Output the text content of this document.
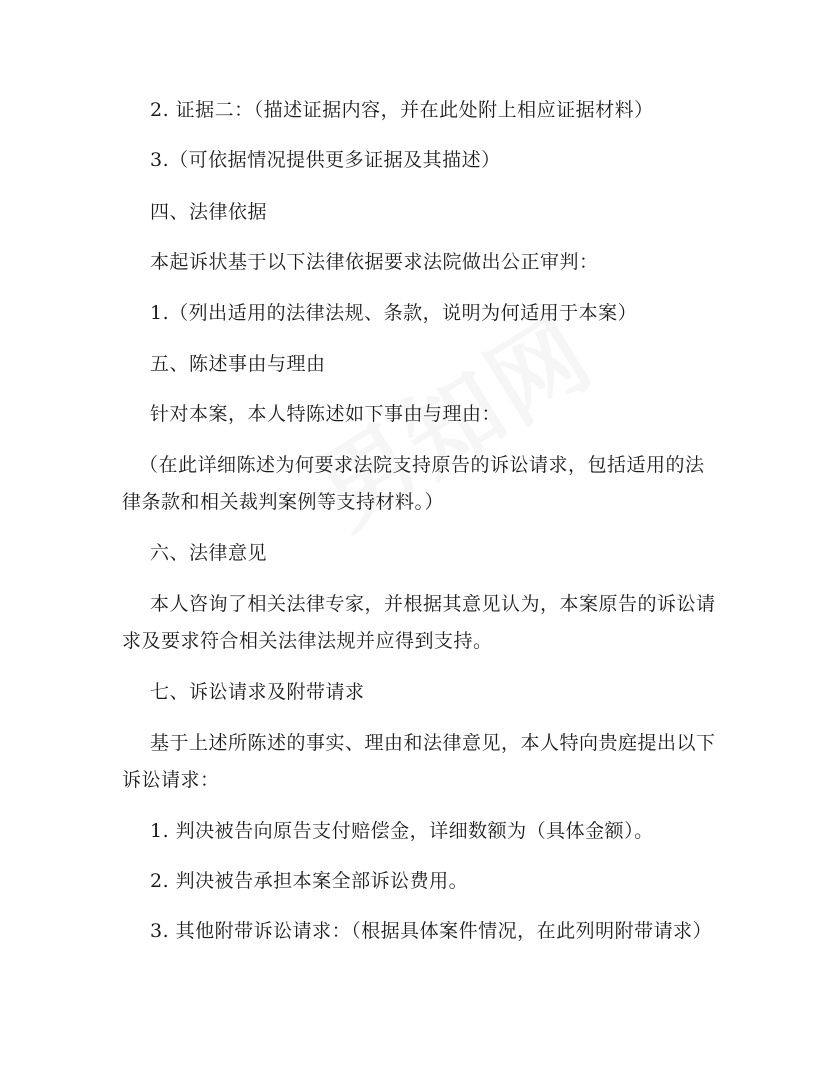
2. 证据二：（描述证据内容，并在此处附上相应证据材料）
3.（可依据情况提供更多证据及其描述）
四、法律依据
本起诉状基于以下法律依据要求法院做出公正审判：
1.（列出适用的法律法规、条款，说明为何适用于本案）
五、陈述事由与理由
针对本案，本人特陈述如下事由与理由：
（在此详细陈述为何要求法院支持原告的诉讼请求，包括适用的法
律条款和相关裁判案例等支持材料。）
六、法律意见
本人咨询了相关法律专家，并根据其意见认为，本案原告的诉讼请
求及要求符合相关法律法规并应得到支持。
七、诉讼请求及附带请求
基于上述所陈述的事实、理由和法律意见，本人特向贵庭提出以下
诉讼请求：
1. 判决被告向原告支付赔偿金，详细数额为（具体金额）。
2. 判决被告承担本案全部诉讼费用。
3. 其他附带诉讼请求：（根据具体案件情况，在此列明附带请求）
